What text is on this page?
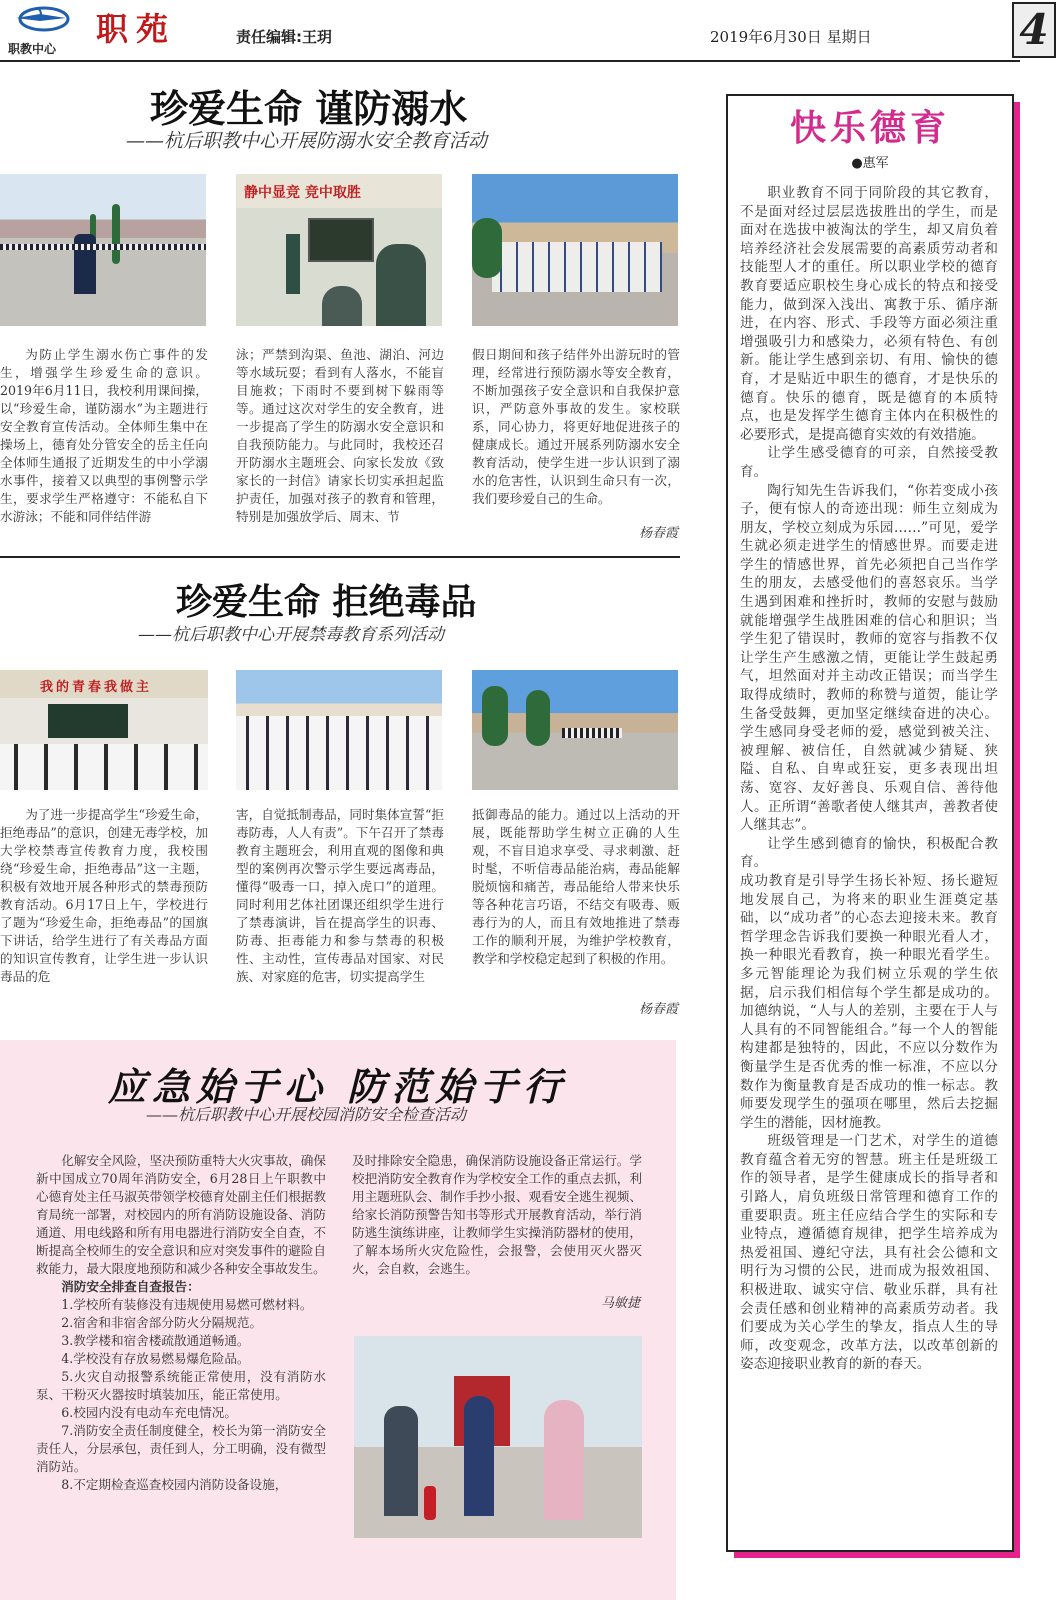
职教中心
职苑	责任编辑:王玥	2019年6月30日 星期日	4
珍爱生命 谨防溺水
——杭后职教中心开展防溺水安全教育活动
静中显竞 竞中取胜

为防止学生溺水伤亡事件的发生，增强学生珍爱生命的意识。2019年6月11日，我校利用课间操，以“珍爱生命，谨防溺水”为主题进行安全教育宣传活动。全体师生集中在操场上，德育处分管安全的岳主任向全体师生通报了近期发生的中小学溺水事件，接着又以典型的事例警示学生，要求学生严格遵守：不能私自下水游泳；不能和同伴结伴游

泳；严禁到沟渠、鱼池、湖泊、河边等水域玩耍；看到有人落水，不能盲目施救；下雨时不要到树下躲雨等等。通过这次对学生的安全教育，进一步提高了学生的防溺水安全意识和自我预防能力。与此同时，我校还召开防溺水主题班会、向家长发放《致家长的一封信》请家长切实承担起监护责任，加强对孩子的教育和管理，特别是加强放学后、周末、节

假日期间和孩子结伴外出游玩时的管理，经常进行预防溺水等安全教育，不断加强孩子安全意识和自我保护意识，严防意外事故的发生。家校联系，同心协力，将更好地促进孩子的健康成长。通过开展系列防溺水安全教育活动，使学生进一步认识到了溺水的危害性，认识到生命只有一次，我们要珍爱自己的生命。

杨春霞
珍爱生命 拒绝毒品
——杭后职教中心开展禁毒教育系列活动
我的青春我做主

为了进一步提高学生“珍爱生命，拒绝毒品”的意识，创建无毒学校，加大学校禁毒宣传教育力度，我校围绕“珍爱生命，拒绝毒品”这一主题，积极有效地开展各种形式的禁毒预防教育活动。6月17日上午，学校进行了题为“珍爱生命，拒绝毒品”的国旗下讲话，给学生进行了有关毒品方面的知识宣传教育，让学生进一步认识毒品的危

害，自觉抵制毒品，同时集体宣誓“拒毒防毒，人人有责”。下午召开了禁毒教育主题班会，利用直观的图像和典型的案例再次警示学生要远离毒品，懂得“吸毒一口，掉入虎口”的道理。同时利用艺体社团课还组织学生进行了禁毒演讲，旨在提高学生的识毒、防毒、拒毒能力和参与禁毒的积极性、主动性，宣传毒品对国家、对民族、对家庭的危害，切实提高学生

抵御毒品的能力。通过以上活动的开展，既能帮助学生树立正确的人生观，不盲目追求享受、寻求刺激、赶时髦，不听信毒品能治病，毒品能解脱烦恼和痛苦，毒品能给人带来快乐等各种花言巧语，不结交有吸毒、贩毒行为的人，而且有效地推进了禁毒工作的顺利开展，为维护学校教育，教学和学校稳定起到了积极的作用。

杨春霞
应急始于心 防范始于行
——杭后职教中心开展校园消防安全检查活动

化解安全风险，坚决预防重特大火灾事故，确保新中国成立70周年消防安全，6月28日上午职教中心德育处主任马淑英带领学校德育处副主任们根据教育局统一部署，对校园内的所有消防设施设备、消防通道、用电线路和所有用电器进行消防安全自查，不断提高全校师生的安全意识和应对突发事件的避险自救能力，最大限度地预防和减少各种安全事故发生。

消防安全排查自查报告：

1.学校所有装修没有违规使用易燃可燃材料。

2.宿舍和非宿舍部分防火分隔规范。

3.教学楼和宿舍楼疏散通道畅通。

4.学校没有存放易燃易爆危险品。

5.火灾自动报警系统能正常使用，没有消防水泵、干粉灭火器按时填装加压，能正常使用。

6.校园内没有电动车充电情况。

7.消防安全责任制度健全，校长为第一消防安全责任人，分层承包，责任到人，分工明确，没有微型消防站。

8.不定期检查巡查校园内消防设备设施，

及时排除安全隐患，确保消防设施设备正常运行。学校把消防安全教育作为学校安全工作的重点去抓，利用主题班队会、制作手抄小报、观看安全逃生视频、给家长消防预警告知书等形式开展教育活动，举行消防逃生演练讲座，让教师学生实操消防器材的使用，了解本场所火灾危险性，会报警，会使用灭火器灭火，会自救，会逃生。

马敏捷
快乐德育
●惠军

职业教育不同于同阶段的其它教育，不是面对经过层层选拔胜出的学生，而是面对在选拔中被淘汰的学生，却又肩负着培养经济社会发展需要的高素质劳动者和技能型人才的重任。所以职业学校的德育教育要适应职校生身心成长的特点和接受能力，做到深入浅出、寓教于乐、循序渐进，在内容、形式、手段等方面必须注重增强吸引力和感染力，必须有特色、有创新。能让学生感到亲切、有用、愉快的德育，才是贴近中职生的德育，才是快乐的德育。快乐的德育，既是德育的本质特点，也是发挥学生德育主体内在积极性的必要形式，是提高德育实效的有效措施。

让学生感受德育的可亲，自然接受教育。

陶行知先生告诉我们，“你若变成小孩子，便有惊人的奇迹出现：师生立刻成为朋友，学校立刻成为乐园……”可见，爱学生就必须走进学生的情感世界。而要走进学生的情感世界，首先必须把自己当作学生的朋友，去感受他们的喜怒哀乐。当学生遇到困难和挫折时，教师的安慰与鼓励就能增强学生战胜困难的信心和胆识；当学生犯了错误时，教师的宽容与指教不仅让学生产生感激之情，更能让学生鼓起勇气，坦然面对并主动改正错误；而当学生取得成绩时，教师的称赞与道贺，能让学生备受鼓舞，更加坚定继续奋进的决心。学生感同身受老师的爱，感觉到被关注、被理解、被信任，自然就减少猜疑、狭隘、自私、自卑或狂妄，更多表现出坦荡、宽容、友好善良、乐观自信、善待他人。正所谓“善歌者使人继其声，善教者使人继其志”。

让学生感到德育的愉快，积极配合教育。

成功教育是引导学生扬长补短、扬长避短地发展自己，为将来的职业生涯奠定基础，以“成功者”的心态去迎接未来。教育哲学理念告诉我们要换一种眼光看人才，换一种眼光看教育，换一种眼光看学生。多元智能理论为我们树立乐观的学生依据，启示我们相信每个学生都是成功的。加德纳说，“人与人的差别，主要在于人与人具有的不同智能组合。”每一个人的智能构建都是独特的，因此，不应以分数作为衡量学生是否优秀的惟一标准，不应以分数作为衡量教育是否成功的惟一标志。教师要发现学生的强项在哪里，然后去挖掘学生的潜能，因材施教。

班级管理是一门艺术，对学生的道德教育蕴含着无穷的智慧。班主任是班级工作的领导者，是学生健康成长的指导者和引路人，肩负班级日常管理和德育工作的重要职责。班主任应结合学生的实际和专业特点，遵循德育规律，把学生培养成为热爱祖国、遵纪守法，具有社会公德和文明行为习惯的公民，进而成为报效祖国、积极进取、诚实守信、敬业乐群，具有社会责任感和创业精神的高素质劳动者。我们要成为关心学生的挚友，指点人生的导师，改变观念，改革方法，以改革创新的姿态迎接职业教育的新的春天。
